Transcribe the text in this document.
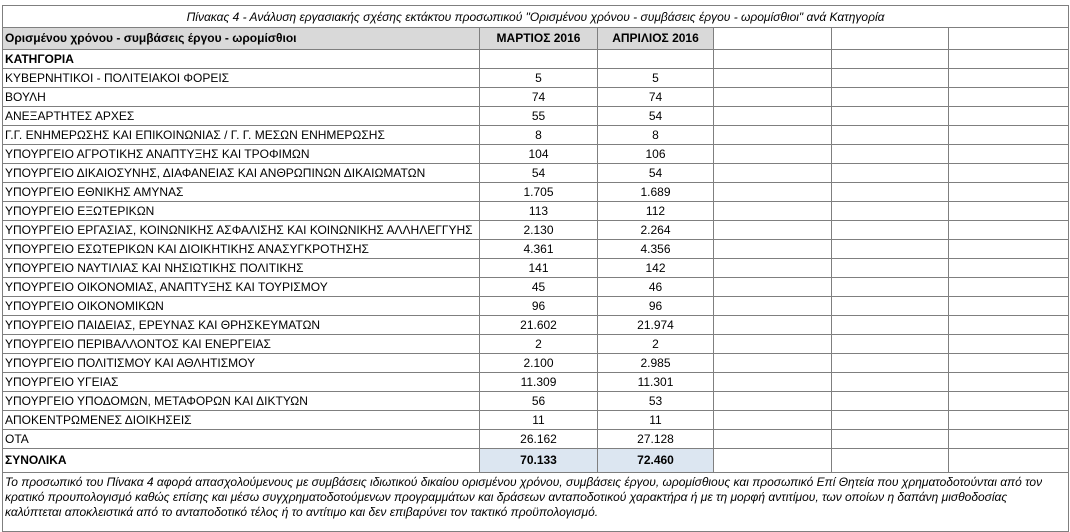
Πίνακας 4 - Ανάλυση εργασιακής σχέσης εκτάκτου προσωπικού "Ορισμένου χρόνου - συμβάσεις έργου - ωρομίσθιοι" ανά Κατηγορία					
Ορισμένου χρόνου - συμβάσεις έργου - ωρομίσθιοι	ΜΑΡΤΙΟΣ 2016	ΑΠΡΙΛΙΟΣ 2016			
ΚΑΤΗΓΟΡΙΑ					
ΚΥΒΕΡΝΗΤΙΚΟΙ - ΠΟΛΙΤΕΙΑΚΟΙ ΦΟΡΕΙΣ	5	5			
ΒΟΥΛΗ	74	74			
ΑΝΕΞΑΡΤΗΤΕΣ ΑΡΧΕΣ	55	54			
Γ.Γ. ΕΝΗΜΕΡΩΣΗΣ ΚΑΙ ΕΠΙΚΟΙΝΩΝΙΑΣ / Γ. Γ. ΜΕΣΩΝ ΕΝΗΜΕΡΩΣΗΣ	8	8			
ΥΠΟΥΡΓΕΙΟ ΑΓΡΟΤΙΚΗΣ ΑΝΑΠΤΥΞΗΣ ΚΑΙ ΤΡΟΦΙΜΩΝ	104	106			
ΥΠΟΥΡΓΕΙΟ ΔΙΚΑΙΟΣΥΝΗΣ, ΔΙΑΦΑΝΕΙΑΣ ΚΑΙ ΑΝΘΡΩΠΙΝΩΝ ΔΙΚΑΙΩΜΑΤΩΝ	54	54			
ΥΠΟΥΡΓΕΙΟ ΕΘΝΙΚΗΣ ΑΜΥΝΑΣ	1.705	1.689			
ΥΠΟΥΡΓΕΙΟ ΕΞΩΤΕΡΙΚΩΝ	113	112			
ΥΠΟΥΡΓΕΙΟ ΕΡΓΑΣΙΑΣ, ΚΟΙΝΩΝΙΚΗΣ ΑΣΦΑΛΙΣΗΣ ΚΑΙ ΚΟΙΝΩΝΙΚΗΣ ΑΛΛΗΛΕΓΓΥΗΣ	2.130	2.264			
ΥΠΟΥΡΓΕΙΟ ΕΣΩΤΕΡΙΚΩΝ ΚΑΙ ΔΙΟΙΚΗΤΙΚΗΣ ΑΝΑΣΥΓΚΡΟΤΗΣΗΣ	4.361	4.356			
ΥΠΟΥΡΓΕΙΟ ΝΑΥΤΙΛΙΑΣ ΚΑΙ ΝΗΣΙΩΤΙΚΗΣ ΠΟΛΙΤΙΚΗΣ	141	142			
ΥΠΟΥΡΓΕΙΟ ΟΙΚΟΝΟΜΙΑΣ, ΑΝΑΠΤΥΞΗΣ ΚΑΙ ΤΟΥΡΙΣΜΟΥ	45	46			
ΥΠΟΥΡΓΕΙΟ ΟΙΚΟΝΟΜΙΚΩΝ	96	96			
ΥΠΟΥΡΓΕΙΟ ΠΑΙΔΕΙΑΣ, ΕΡΕΥΝΑΣ ΚΑΙ ΘΡΗΣΚΕΥΜΑΤΩΝ	21.602	21.974			
ΥΠΟΥΡΓΕΙΟ ΠΕΡΙΒΑΛΛΟΝΤΟΣ ΚΑΙ ΕΝΕΡΓΕΙΑΣ	2	2			
ΥΠΟΥΡΓΕΙΟ ΠΟΛΙΤΙΣΜΟΥ ΚΑΙ ΑΘΛΗΤΙΣΜΟΥ	2.100	2.985			
ΥΠΟΥΡΓΕΙΟ ΥΓΕΙΑΣ	11.309	11.301			
ΥΠΟΥΡΓΕΙΟ ΥΠΟΔΟΜΩΝ, ΜΕΤΑΦΟΡΩΝ ΚΑΙ ΔΙΚΤΥΩΝ	56	53			
ΑΠΟΚΕΝΤΡΩΜΕΝΕΣ ΔΙΟΙΚΗΣΕΙΣ	11	11			
ΟΤΑ	26.162	27.128			
ΣΥΝΟΛΙΚΑ	70.133	72.460			
Το προσωπικό του Πίνακα 4 αφορά απασχολούμενους με συμβάσεις ιδιωτικού δικαίου ορισμένου χρόνου, συμβάσεις έργου, ωρομίσθιους και προσωπικό Επί Θητεία που χρηματοδοτούνται από τον κρατικό προυπολογισμό καθώς επίσης και μέσω συγχρηματοδοτούμενων προγραμμάτων και δράσεων ανταποδοτικού χαρακτήρα ή με τη μορφή αντιτίμου, των οποίων η δαπάνη μισθοδοσίας καλύπτεται αποκλειστικά από το ανταποδοτικό τέλος ή το αντίτιμο και δεν επιβαρύνει τον τακτικό προϋπολογισμό.					
